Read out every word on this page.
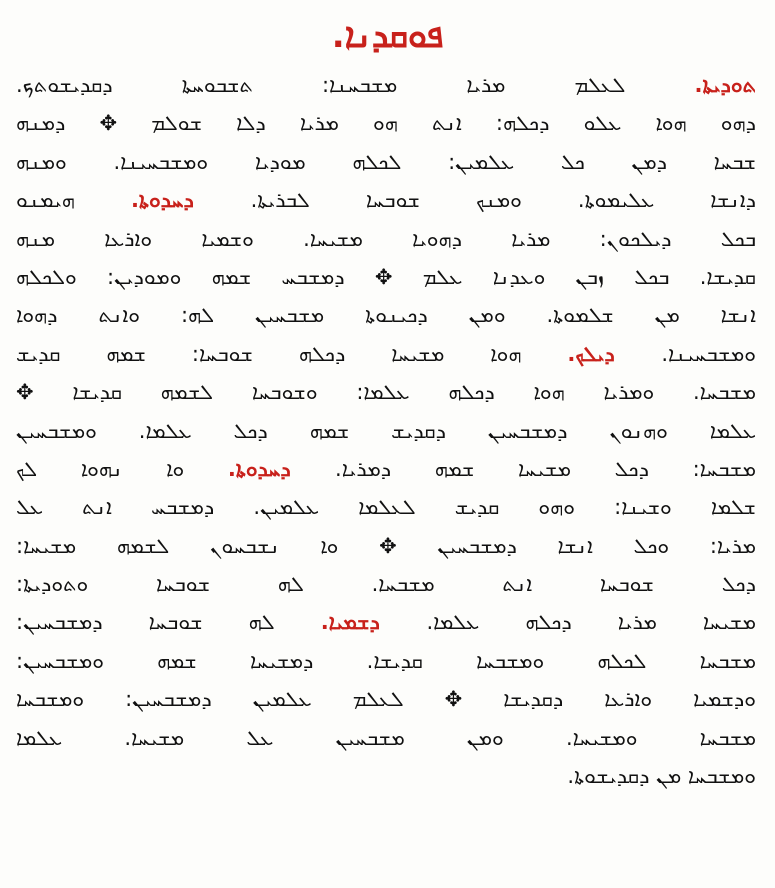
ܦܘܩܕܢܐ.
ܬܘܕܝܬܐ. ܠܥܠܡ ܡܪܝܐ ܡܫܒܚܢܐ: ܬܫܒܘܚܬܐ ܕܩܕܝܫܘܬܟ.
ܕܗܘ ܗܘܐ ܥܠܘ ܕܟܠܗ: ܐܢܬ ܗܘ ܡܪܝܐ ܕܠܐ ܫܘܠܡ ✥ ܕܡܢܗ
ܫܒܚܐ ܕܡܢ ܟܠ ܥܠܡܝܢ: ܠܟܠܗ ܡܘܕܝܐ ܘܡܫܒܚܝܢܐ. ܘܡܢܗ
ܕܐܢܫܐ ܥܠܝܡܘܬܐ. ܘܡܢܟ ܫܘܒܚܐ ܠܒܪܝܬܐ. ܕܚܕܘܬܐ. ܗܝܡܢܘ
ܒܟܠ ܕܝܠܟܘܢ: ܡܪܝܐ ܕܗܘܝܐ ܡܫܝܚܐ. ܘܫܡܝܐ ܘܐܪܥܐ ܡܢܗ
ܩܕܝܫܐ. ܒܟܠ ܙܒܢ ܘܥܕܢܐ ܥܠܡ ✥ ܕܡܫܒܚ ܫܡܗ ܘܡܘܕܝܢ: ܘܠܟܠܗ
ܐܢܫܐ ܡܢ ܫܠܡܘܬܐ. ܘܡܢ ܕܟܝܢܘܬܐ ܡܫܒܚܝܢ ܠܗ: ܘܐܢܬ ܕܗܘܐ
ܘܡܫܒܚܝܢܐ. ܕܝܠܟ. ܗܘܐ ܡܫܝܚܐ ܕܟܠܗ ܫܘܒܚܐ: ܫܡܗ ܩܕܝܫ
ܡܫܒܚܐ. ܘܡܪܝܐ ܗܘܐ ܕܟܠܗ ܥܠܡܐ: ܘܫܘܒܚܐ ܠܫܡܗ ܩܕܝܫܐ ✥
ܥܠܡܐ ܘܗܢܘܢ ܕܡܫܒܚܝܢ ܕܩܕܝܫ ܫܡܗ ܕܟܠ ܥܠܡܐ. ܘܡܫܒܚܝܢ
ܡܫܒܚܐ: ܕܟܠ ܡܫܝܚܐ ܫܡܗ ܕܡܪܝܐ. ܕܚܕܘܬܐ. ܘܐ ܢܗܘܐ ܠܟ
ܫܠܡܐ ܘܫܝܢܐ: ܘܗܘ ܩܕܝܫ ܠܥܠܡܐ ܥܠܡܝܢ. ܕܡܫܒܚ ܐܢܬ ܥܠ
ܡܪܝܐ: ܘܟܠ ܐܢܫܐ ܕܡܫܒܚܝܢ ✥ ܘܐ ܢܫܒܚܘܢ ܠܫܡܗ ܡܫܝܚܐ:
ܕܟܠ ܫܘܒܚܐ ܐܢܬ ܡܫܒܚܐ. ܠܗ ܫܘܒܚܐ ܘܬܘܕܝܬܐ:
ܡܫܝܚܐ ܡܪܝܐ ܕܟܠܗ ܥܠܡܐ. ܕܫܡܝܐ. ܠܗ ܫܘܒܚܐ ܕܡܫܒܚܝܢ:
ܡܫܒܚܐ ܠܟܠܗ ܘܡܫܒܚܐ ܩܕܝܫܐ. ܕܡܫܝܚܐ ܫܡܗ ܘܡܫܒܚܝܢ:
ܘܕܫܡܝܐ ܘܐܪܥܐ ܕܩܕܝܫܐ ✥ ܠܥܠܡ ܥܠܡܝܢ ܕܡܫܒܚܝܢ: ܘܡܫܒܚܐ
ܡܫܒܚܐ ܘܡܫܝܚܐ. ܘܡܢ ܡܫܒܚܝܢ ܥܠ ܡܫܝܚܐ. ܥܠܡܐ
ܘܡܫܒܚܐ ܡܢ ܕܩܕܝܫܘܬܐ.
